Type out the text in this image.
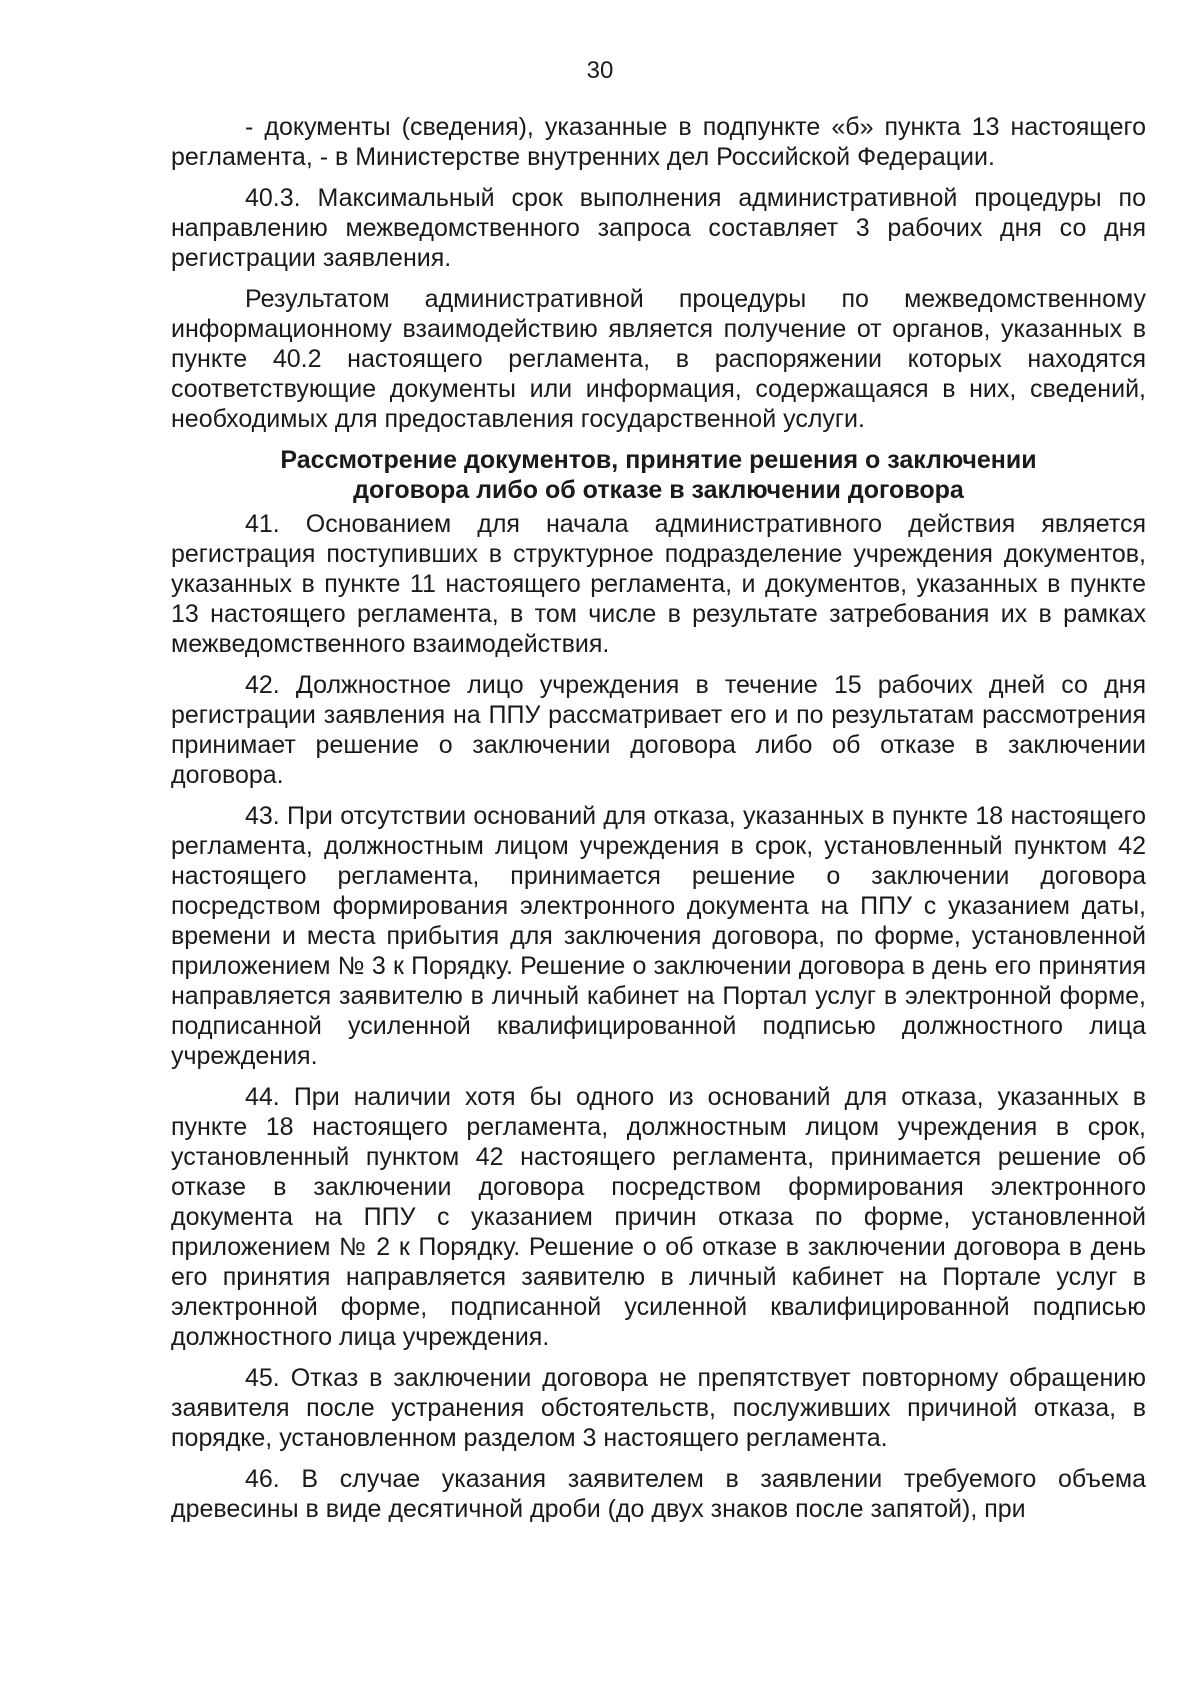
30

- документы (сведения), указанные в подпункте «б» пункта 13 настоящего регламента, - в Министерстве внутренних дел Российской Федерации.

40.3. Максимальный срок выполнения административной процедуры по направлению межведомственного запроса составляет 3 рабочих дня со дня регистрации заявления.

Результатом административной процедуры по межведомственному информационному взаимодействию является получение от органов, указанных в пункте 40.2 настоящего регламента, в распоряжении которых находятся соответствующие документы или информация, содержащаяся в них, сведений, необходимых для предоставления государственной услуги.

Рассмотрение документов, принятие решения о заключении
договора либо об отказе в заключении договора

41. Основанием для начала административного действия является регистрация поступивших в структурное подразделение учреждения документов, указанных в пункте 11 настоящего регламента, и документов, указанных в пункте 13 настоящего регламента, в том числе в результате затребования их в рамках межведомственного взаимодействия.

42. Должностное лицо учреждения в течение 15 рабочих дней со дня регистрации заявления на ППУ рассматривает его и по результатам рассмотрения принимает решение о заключении договора либо об отказе в заключении договора.

43. При отсутствии оснований для отказа, указанных в пункте 18 настоящего регламента, должностным лицом учреждения в срок, установленный пунктом 42 настоящего регламента, принимается решение о заключении договора посредством формирования электронного документа на ППУ с указанием даты, времени и места прибытия для заключения договора, по форме, установленной приложением № 3 к Порядку. Решение о заключении договора в день его принятия направляется заявителю в личный кабинет на Портал услуг в электронной форме, подписанной усиленной квалифицированной подписью должностного лица учреждения.

44. При наличии хотя бы одного из оснований для отказа, указанных в пункте 18 настоящего регламента, должностным лицом учреждения в срок, установленный пунктом 42 настоящего регламента, принимается решение об отказе в заключении договора посредством формирования электронного документа на ППУ с указанием причин отказа по форме, установленной приложением № 2 к Порядку. Решение о об отказе в заключении договора в день его принятия направляется заявителю в личный кабинет на Портале услуг в электронной форме, подписанной усиленной квалифицированной подписью должностного лица учреждения.

45. Отказ в заключении договора не препятствует повторному обращению заявителя после устранения обстоятельств, послуживших причиной отказа, в порядке, установленном разделом 3 настоящего регламента.

46. В случае указания заявителем в заявлении требуемого объема древесины в виде десятичной дроби (до двух знаков после запятой), при
